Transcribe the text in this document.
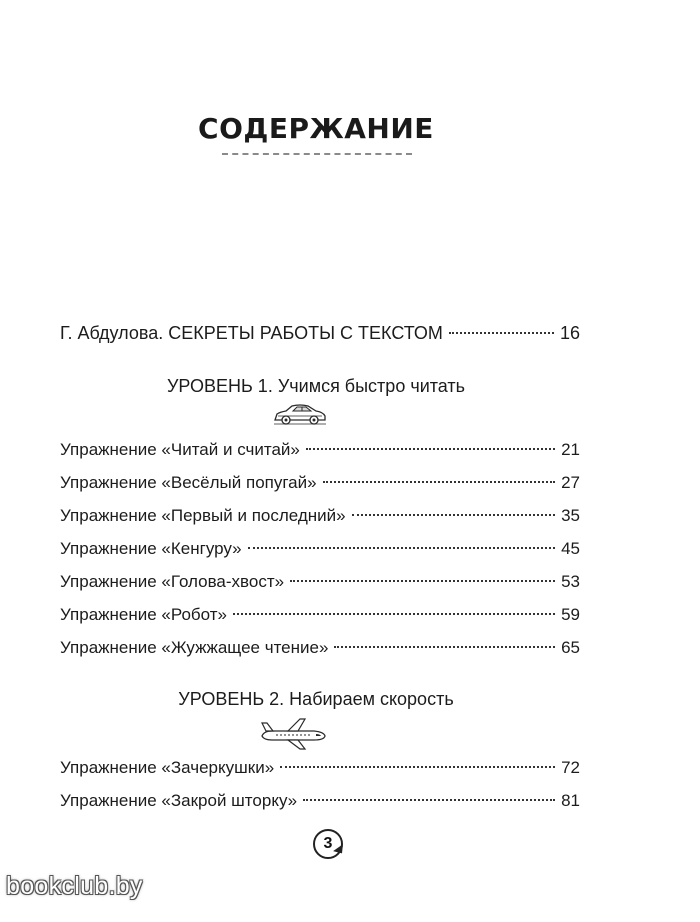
СОДЕРЖАНИЕ
Г. Абдулова. СЕКРЕТЫ РАБОТЫ С ТЕКСТОМ	16
УРОВЕНЬ 1. Учимся быстро читать
Упражнение «Читай и считай»	21
Упражнение «Весёлый попугай»	27
Упражнение «Первый и последний»	35
Упражнение «Кенгуру»	45
Упражнение «Голова-хвост»	53
Упражнение «Робот»	59
Упражнение «Жужжащее чтение»	65
УРОВЕНЬ 2. Набираем скорость
Упражнение «Зачеркушки»	72
Упражнение «Закрой шторку»	81
3
bookclub.by
